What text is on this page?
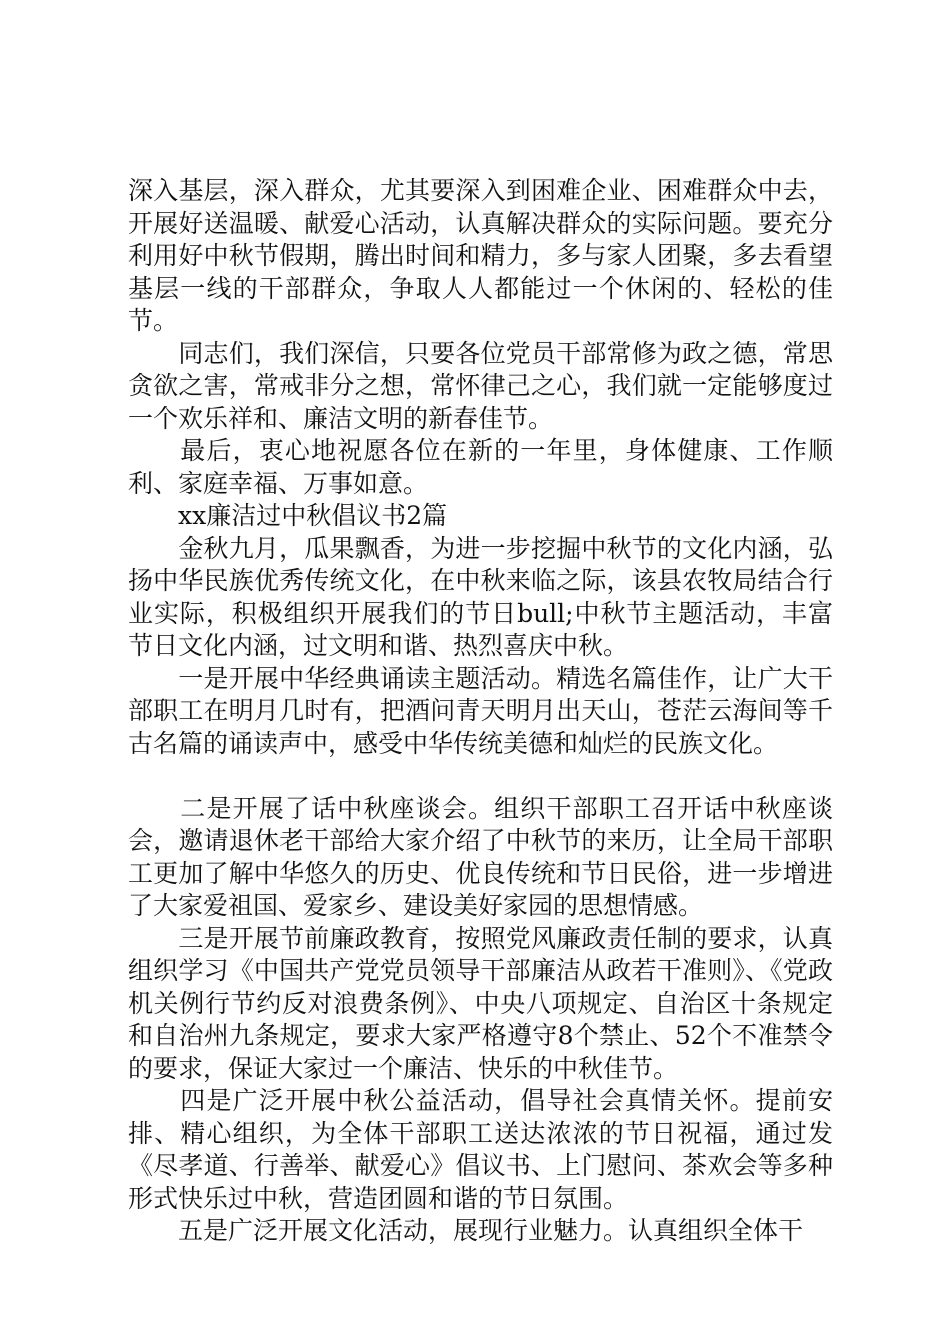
深入基层，深入群众，尤其要深入到困难企业、困难群众中去，开展好送温暖、献爱心活动，认真解决群众的实际问题。要充分利用好中秋节假期，腾出时间和精力，多与家人团聚，多去看望基层一线的干部群众，争取人人都能过一个休闲的、轻松的佳节。

　　同志们，我们深信，只要各位党员干部常修为政之德，常思贪欲之害，常戒非分之想，常怀律己之心，我们就一定能够度过一个欢乐祥和、廉洁文明的新春佳节。

　　最后，衷心地祝愿各位在新的一年里，身体健康、工作顺利、家庭幸福、万事如意。

　　xx廉洁过中秋倡议书2篇

　　金秋九月，瓜果飘香，为进一步挖掘中秋节的文化内涵，弘扬中华民族优秀传统文化，在中秋来临之际，该县农牧局结合行业实际，积极组织开展我们的节日bull;中秋节主题活动，丰富节日文化内涵，过文明和谐、热烈喜庆中秋。

　　一是开展中华经典诵读主题活动。精选名篇佳作，让广大干部职工在明月几时有，把酒问青天明月出天山，苍茫云海间等千古名篇的诵读声中，感受中华传统美德和灿烂的民族文化。

　　二是开展了话中秋座谈会。组织干部职工召开话中秋座谈会，邀请退休老干部给大家介绍了中秋节的来历，让全局干部职工更加了解中华悠久的历史、优良传统和节日民俗，进一步增进了大家爱祖国、爱家乡、建设美好家园的思想情感。

　　三是开展节前廉政教育，按照党风廉政责任制的要求，认真组织学习《中国共产党党员领导干部廉洁从政若干准则》、《党政机关例行节约反对浪费条例》、中央八项规定、自治区十条规定和自治州九条规定，要求大家严格遵守8个禁止、52个不准禁令的要求，保证大家过一个廉洁、快乐的中秋佳节。

　　四是广泛开展中秋公益活动，倡导社会真情关怀。提前安排、精心组织，为全体干部职工送达浓浓的节日祝福，通过发《尽孝道、行善举、献爱心》倡议书、上门慰问、茶欢会等多种形式快乐过中秋，营造团圆和谐的节日氛围。

　　五是广泛开展文化活动，展现行业魅力。认真组织全体干
